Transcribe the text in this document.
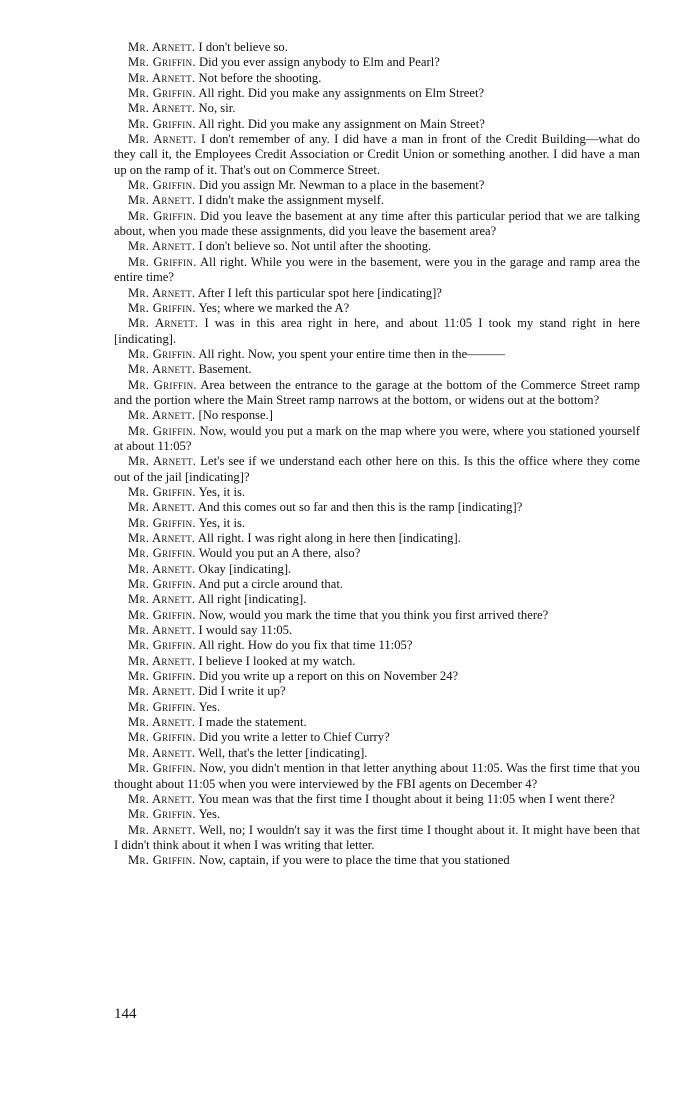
Mr. Arnett. I don't believe so.

Mr. Griffin. Did you ever assign anybody to Elm and Pearl?

Mr. Arnett. Not before the shooting.

Mr. Griffin. All right. Did you make any assignments on Elm Street?

Mr. Arnett. No, sir.

Mr. Griffin. All right. Did you make any assignment on Main Street?

Mr. Arnett. I don't remember of any. I did have a man in front of the Credit Building—what do they call it, the Employees Credit Association or Credit Union or something another. I did have a man up on the ramp of it. That's out on Commerce Street.

Mr. Griffin. Did you assign Mr. Newman to a place in the basement?

Mr. Arnett. I didn't make the assignment myself.

Mr. Griffin. Did you leave the basement at any time after this particular period that we are talking about, when you made these assignments, did you leave the basement area?

Mr. Arnett. I don't believe so. Not until after the shooting.

Mr. Griffin. All right. While you were in the basement, were you in the garage and ramp area the entire time?

Mr. Arnett. After I left this particular spot here [indicating]?

Mr. Griffin. Yes; where we marked the A?

Mr. Arnett. I was in this area right in here, and about 11:05 I took my stand right in here [indicating].

Mr. Griffin. All right. Now, you spent your entire time then in the———

Mr. Arnett. Basement.

Mr. Griffin. Area between the entrance to the garage at the bottom of the Commerce Street ramp and the portion where the Main Street ramp narrows at the bottom, or widens out at the bottom?

Mr. Arnett. [No response.]

Mr. Griffin. Now, would you put a mark on the map where you were, where you stationed yourself at about 11:05?

Mr. Arnett. Let's see if we understand each other here on this. Is this the office where they come out of the jail [indicating]?

Mr. Griffin. Yes, it is.

Mr. Arnett. And this comes out so far and then this is the ramp [indicating]?

Mr. Griffin. Yes, it is.

Mr. Arnett. All right. I was right along in here then [indicating].

Mr. Griffin. Would you put an A there, also?

Mr. Arnett. Okay [indicating].

Mr. Griffin. And put a circle around that.

Mr. Arnett. All right [indicating].

Mr. Griffin. Now, would you mark the time that you think you first arrived there?

Mr. Arnett. I would say 11:05.

Mr. Griffin. All right. How do you fix that time 11:05?

Mr. Arnett. I believe I looked at my watch.

Mr. Griffin. Did you write up a report on this on November 24?

Mr. Arnett. Did I write it up?

Mr. Griffin. Yes.

Mr. Arnett. I made the statement.

Mr. Griffin. Did you write a letter to Chief Curry?

Mr. Arnett. Well, that's the letter [indicating].

Mr. Griffin. Now, you didn't mention in that letter anything about 11:05. Was the first time that you thought about 11:05 when you were interviewed by the FBI agents on December 4?

Mr. Arnett. You mean was that the first time I thought about it being 11:05 when I went there?

Mr. Griffin. Yes.

Mr. Arnett. Well, no; I wouldn't say it was the first time I thought about it. It might have been that I didn't think about it when I was writing that letter.

Mr. Griffin. Now, captain, if you were to place the time that you stationed

144
